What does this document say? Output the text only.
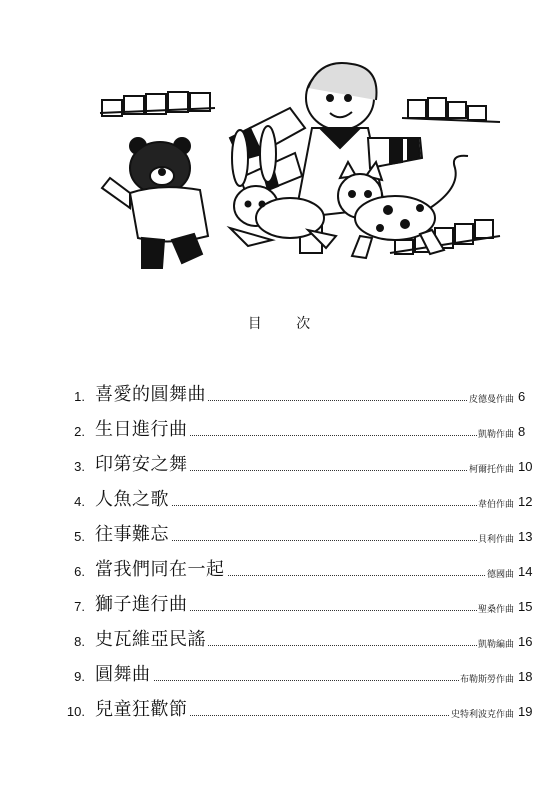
目 次
1. 喜愛的圓舞曲	皮德曼作曲 6
2. 生日進行曲	凱勒作曲 8
3. 印第安之舞	柯爾托作曲 10
4. 人魚之歌	韋伯作曲 12
5. 往事難忘	貝利作曲 13
6. 當我們同在一起	德國曲 14
7. 獅子進行曲	聖桑作曲 15
8. 史瓦維亞民謠	凱勒編曲 16
9. 圓舞曲	布勒斯勞作曲 18
10. 兒童狂歡節	史特利波克作曲 19
